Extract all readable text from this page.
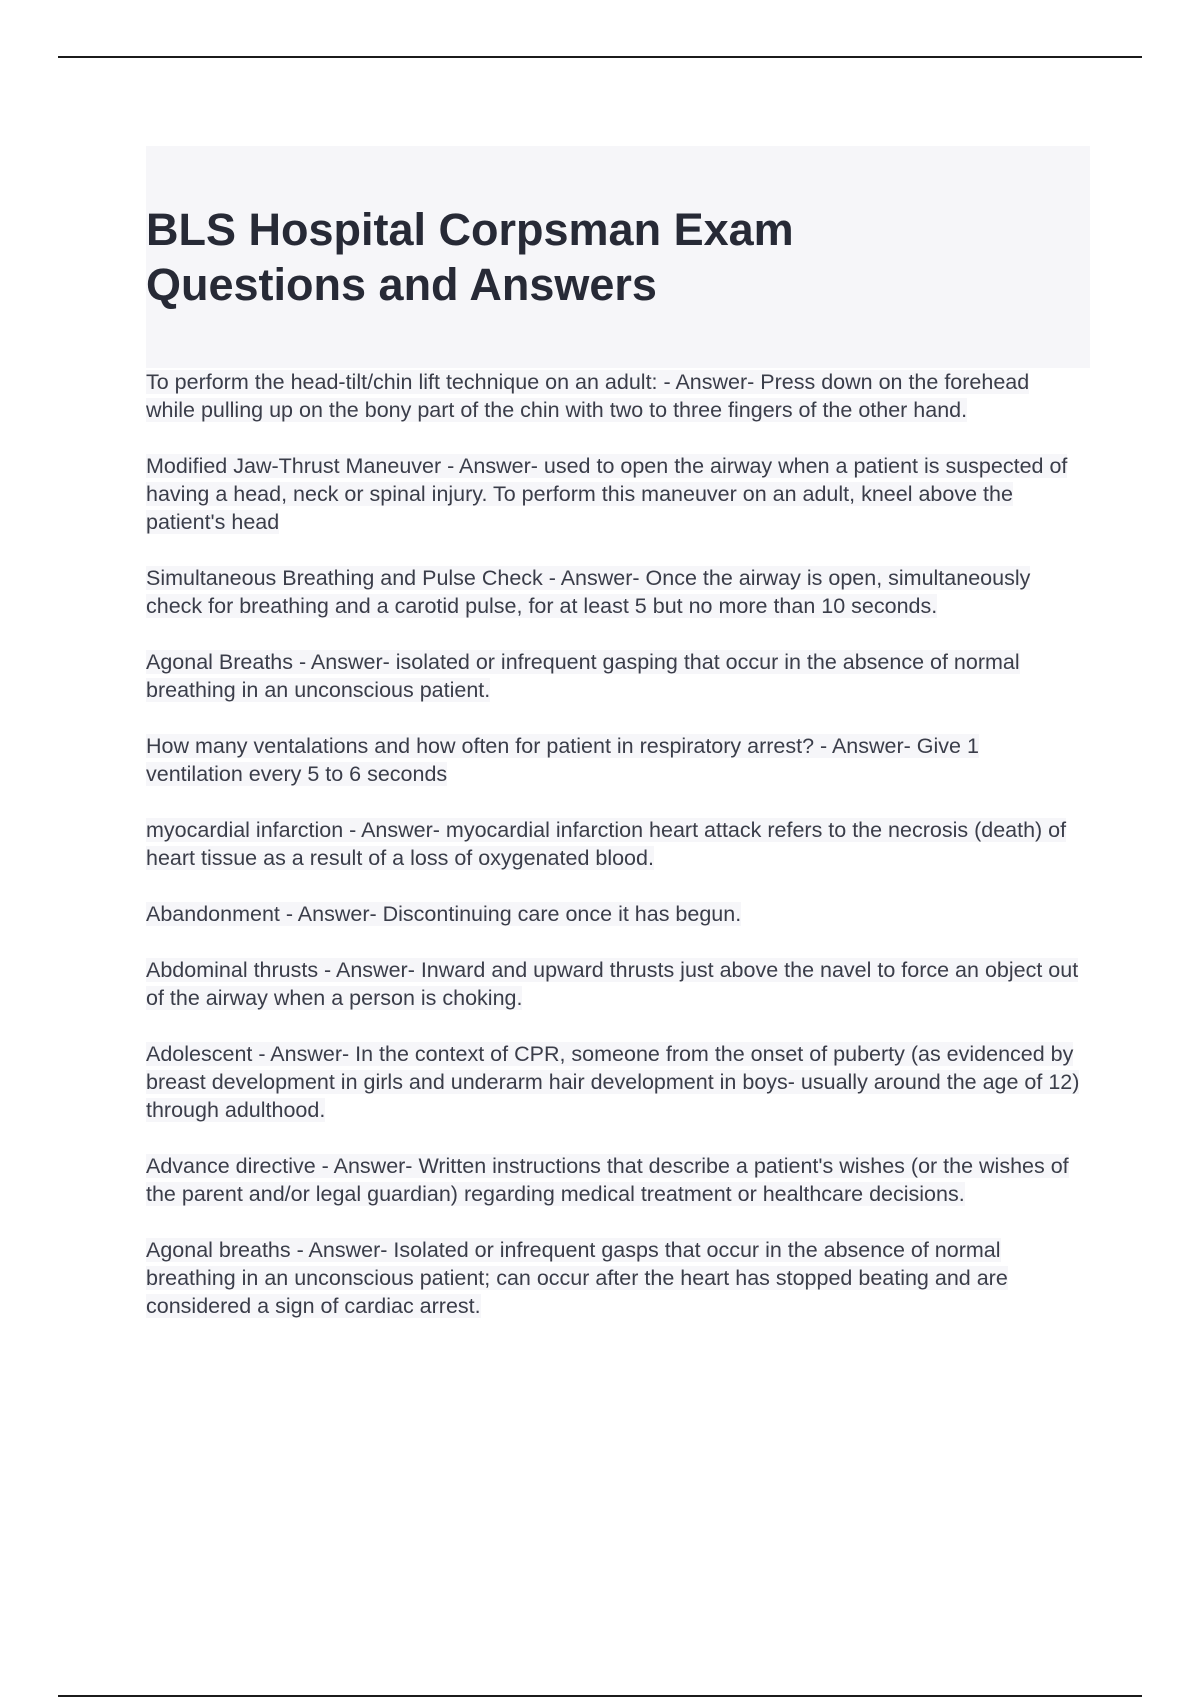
BLS Hospital Corpsman Exam
Questions and Answers

To perform the head-tilt/chin lift technique on an adult: - Answer- Press down on the forehead while pulling up on the bony part of the chin with two to three fingers of the other hand.

Modified Jaw-Thrust Maneuver - Answer- used to open the airway when a patient is suspected of having a head, neck or spinal injury. To perform this maneuver on an adult, kneel above the patient's head

Simultaneous Breathing and Pulse Check - Answer- Once the airway is open, simultaneously check for breathing and a carotid pulse, for at least 5 but no more than 10 seconds.

Agonal Breaths - Answer- isolated or infrequent gasping that occur in the absence of normal breathing in an unconscious patient.

How many ventalations and how often for patient in respiratory arrest? - Answer- Give 1 ventilation every 5 to 6 seconds

myocardial infarction - Answer- myocardial infarction heart attack refers to the necrosis (death) of heart tissue as a result of a loss of oxygenated blood.

Abandonment - Answer- Discontinuing care once it has begun.

Abdominal thrusts - Answer- Inward and upward thrusts just above the navel to force an object out of the airway when a person is choking.

Adolescent - Answer- In the context of CPR, someone from the onset of puberty (as evidenced by breast development in girls and underarm hair development in boys- usually around the age of 12) through adulthood.

Advance directive - Answer- Written instructions that describe a patient's wishes (or the wishes of the parent and/or legal guardian) regarding medical treatment or healthcare decisions.

Agonal breaths - Answer- Isolated or infrequent gasps that occur in the absence of normal breathing in an unconscious patient; can occur after the heart has stopped beating and are considered a sign of cardiac arrest.
